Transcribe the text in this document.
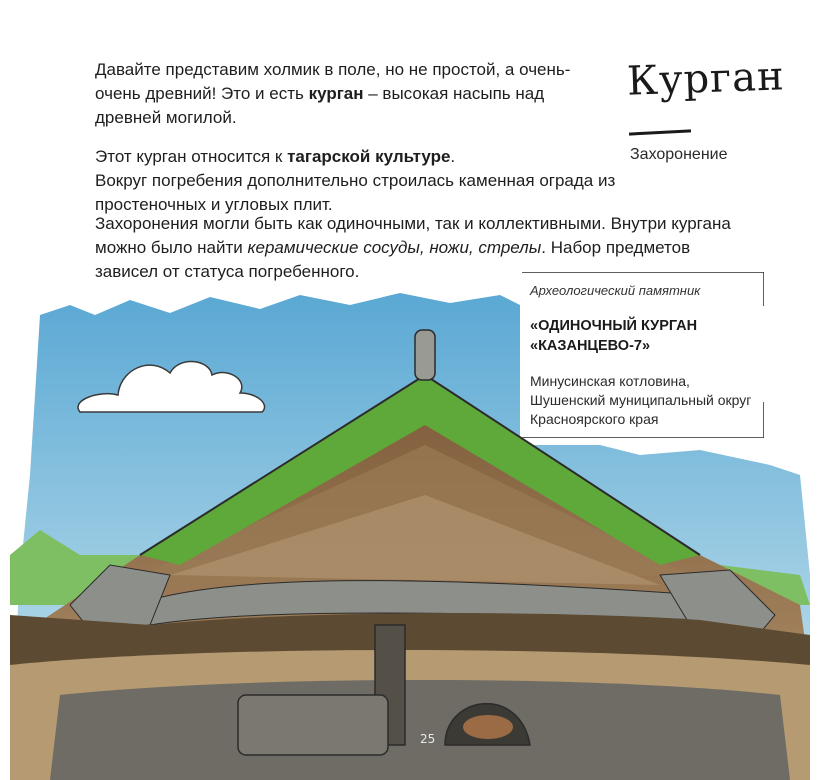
Давайте представим холмик в поле, но не простой, а очень-очень древний! Это и есть курган – высокая насыпь над древней могилой.

Этот курган относится к тагарской культуре.
Вокруг погребения дополнительно строилась каменная ограда из простеночных и угловых плит.

Захоронения могли быть как одиночными, так и коллективными. Внутри кургана можно было найти керамические сосуды, ножи, стрелы. Набор предметов зависел от статуса погребенного.

Курган
Захоронение
Археологический памятник

«ОДИНОЧНЫЙ КУРГАН
«КАЗАНЦЕВО-7»

Минусинская котловина, Шушенский муниципальный округ Красноярского края

25
